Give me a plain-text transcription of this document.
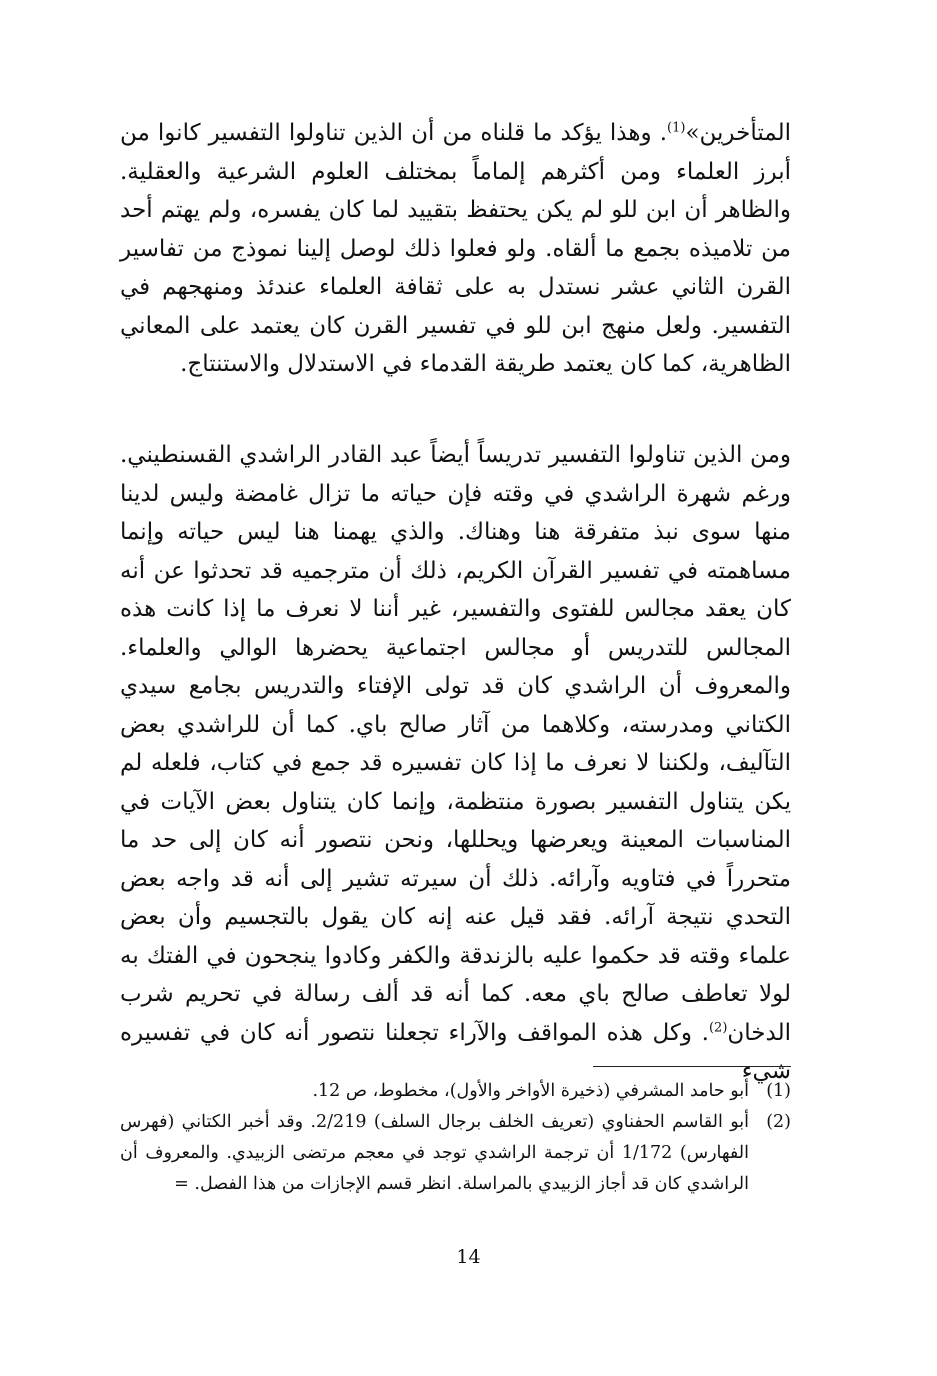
المتأخرين»$^{(1)}$. وهذا يؤكد ما قلناه من أن الذين تناولوا التفسير كانوا من أبرز العلماء ومن أكثرهم إلماماً بمختلف العلوم الشرعية والعقلية. والظاهر أن ابن للو لم يكن يحتفظ بتقييد لما كان يفسره، ولم يهتم أحد من تلاميذه بجمع ما ألقاه. ولو فعلوا ذلك لوصل إلينا نموذج من تفاسير القرن الثاني عشر نستدل به على ثقافة العلماء عندئذ ومنهجهم في التفسير. ولعل منهج ابن للو في تفسير القرن كان يعتمد على المعاني الظاهرية، كما كان يعتمد طريقة القدماء في الاستدلال والاستنتاج.

ومن الذين تناولوا التفسير تدريساً أيضاً عبد القادر الراشدي القسنطيني. ورغم شهرة الراشدي في وقته فإن حياته ما تزال غامضة وليس لدينا منها سوى نبذ متفرقة هنا وهناك. والذي يهمنا هنا ليس حياته وإنما مساهمته في تفسير القرآن الكريم، ذلك أن مترجميه قد تحدثوا عن أنه كان يعقد مجالس للفتوى والتفسير، غير أننا لا نعرف ما إذا كانت هذه المجالس للتدريس أو مجالس اجتماعية يحضرها الوالي والعلماء. والمعروف أن الراشدي كان قد تولى الإفتاء والتدريس بجامع سيدي الكتاني ومدرسته، وكلاهما من آثار صالح باي. كما أن للراشدي بعض التآليف، ولكننا لا نعرف ما إذا كان تفسيره قد جمع في كتاب، فلعله لم يكن يتناول التفسير بصورة منتظمة، وإنما كان يتناول بعض الآيات في المناسبات المعينة ويعرضها ويحللها، ونحن نتصور أنه كان إلى حد ما متحرراً في فتاويه وآرائه. ذلك أن سيرته تشير إلى أنه قد واجه بعض التحدي نتيجة آرائه. فقد قيل عنه إنه كان يقول بالتجسيم وأن بعض علماء وقته قد حكموا عليه بالزندقة والكفر وكادوا ينجحون في الفتك به لولا تعاطف صالح باي معه. كما أنه قد ألف رسالة في تحريم شرب الدخان$^{(2)}$. وكل هذه المواقف والآراء تجعلنا نتصور أنه كان في تفسيره شيء

(1)
أبو حامد المشرفي (ذخيرة الأواخر والأول)، مخطوط، ص 12.
(2)
أبو القاسم الحفناوي (تعريف الخلف برجال السلف) 2/219. وقد أخبر الكتاني (فهرس الفهارس) 1/172 أن ترجمة الراشدي توجد في معجم مرتضى الزبيدي. والمعروف أن الراشدي كان قد أجاز الزبيدي بالمراسلة. انظر قسم الإجازات من هذا الفصل. =
14
